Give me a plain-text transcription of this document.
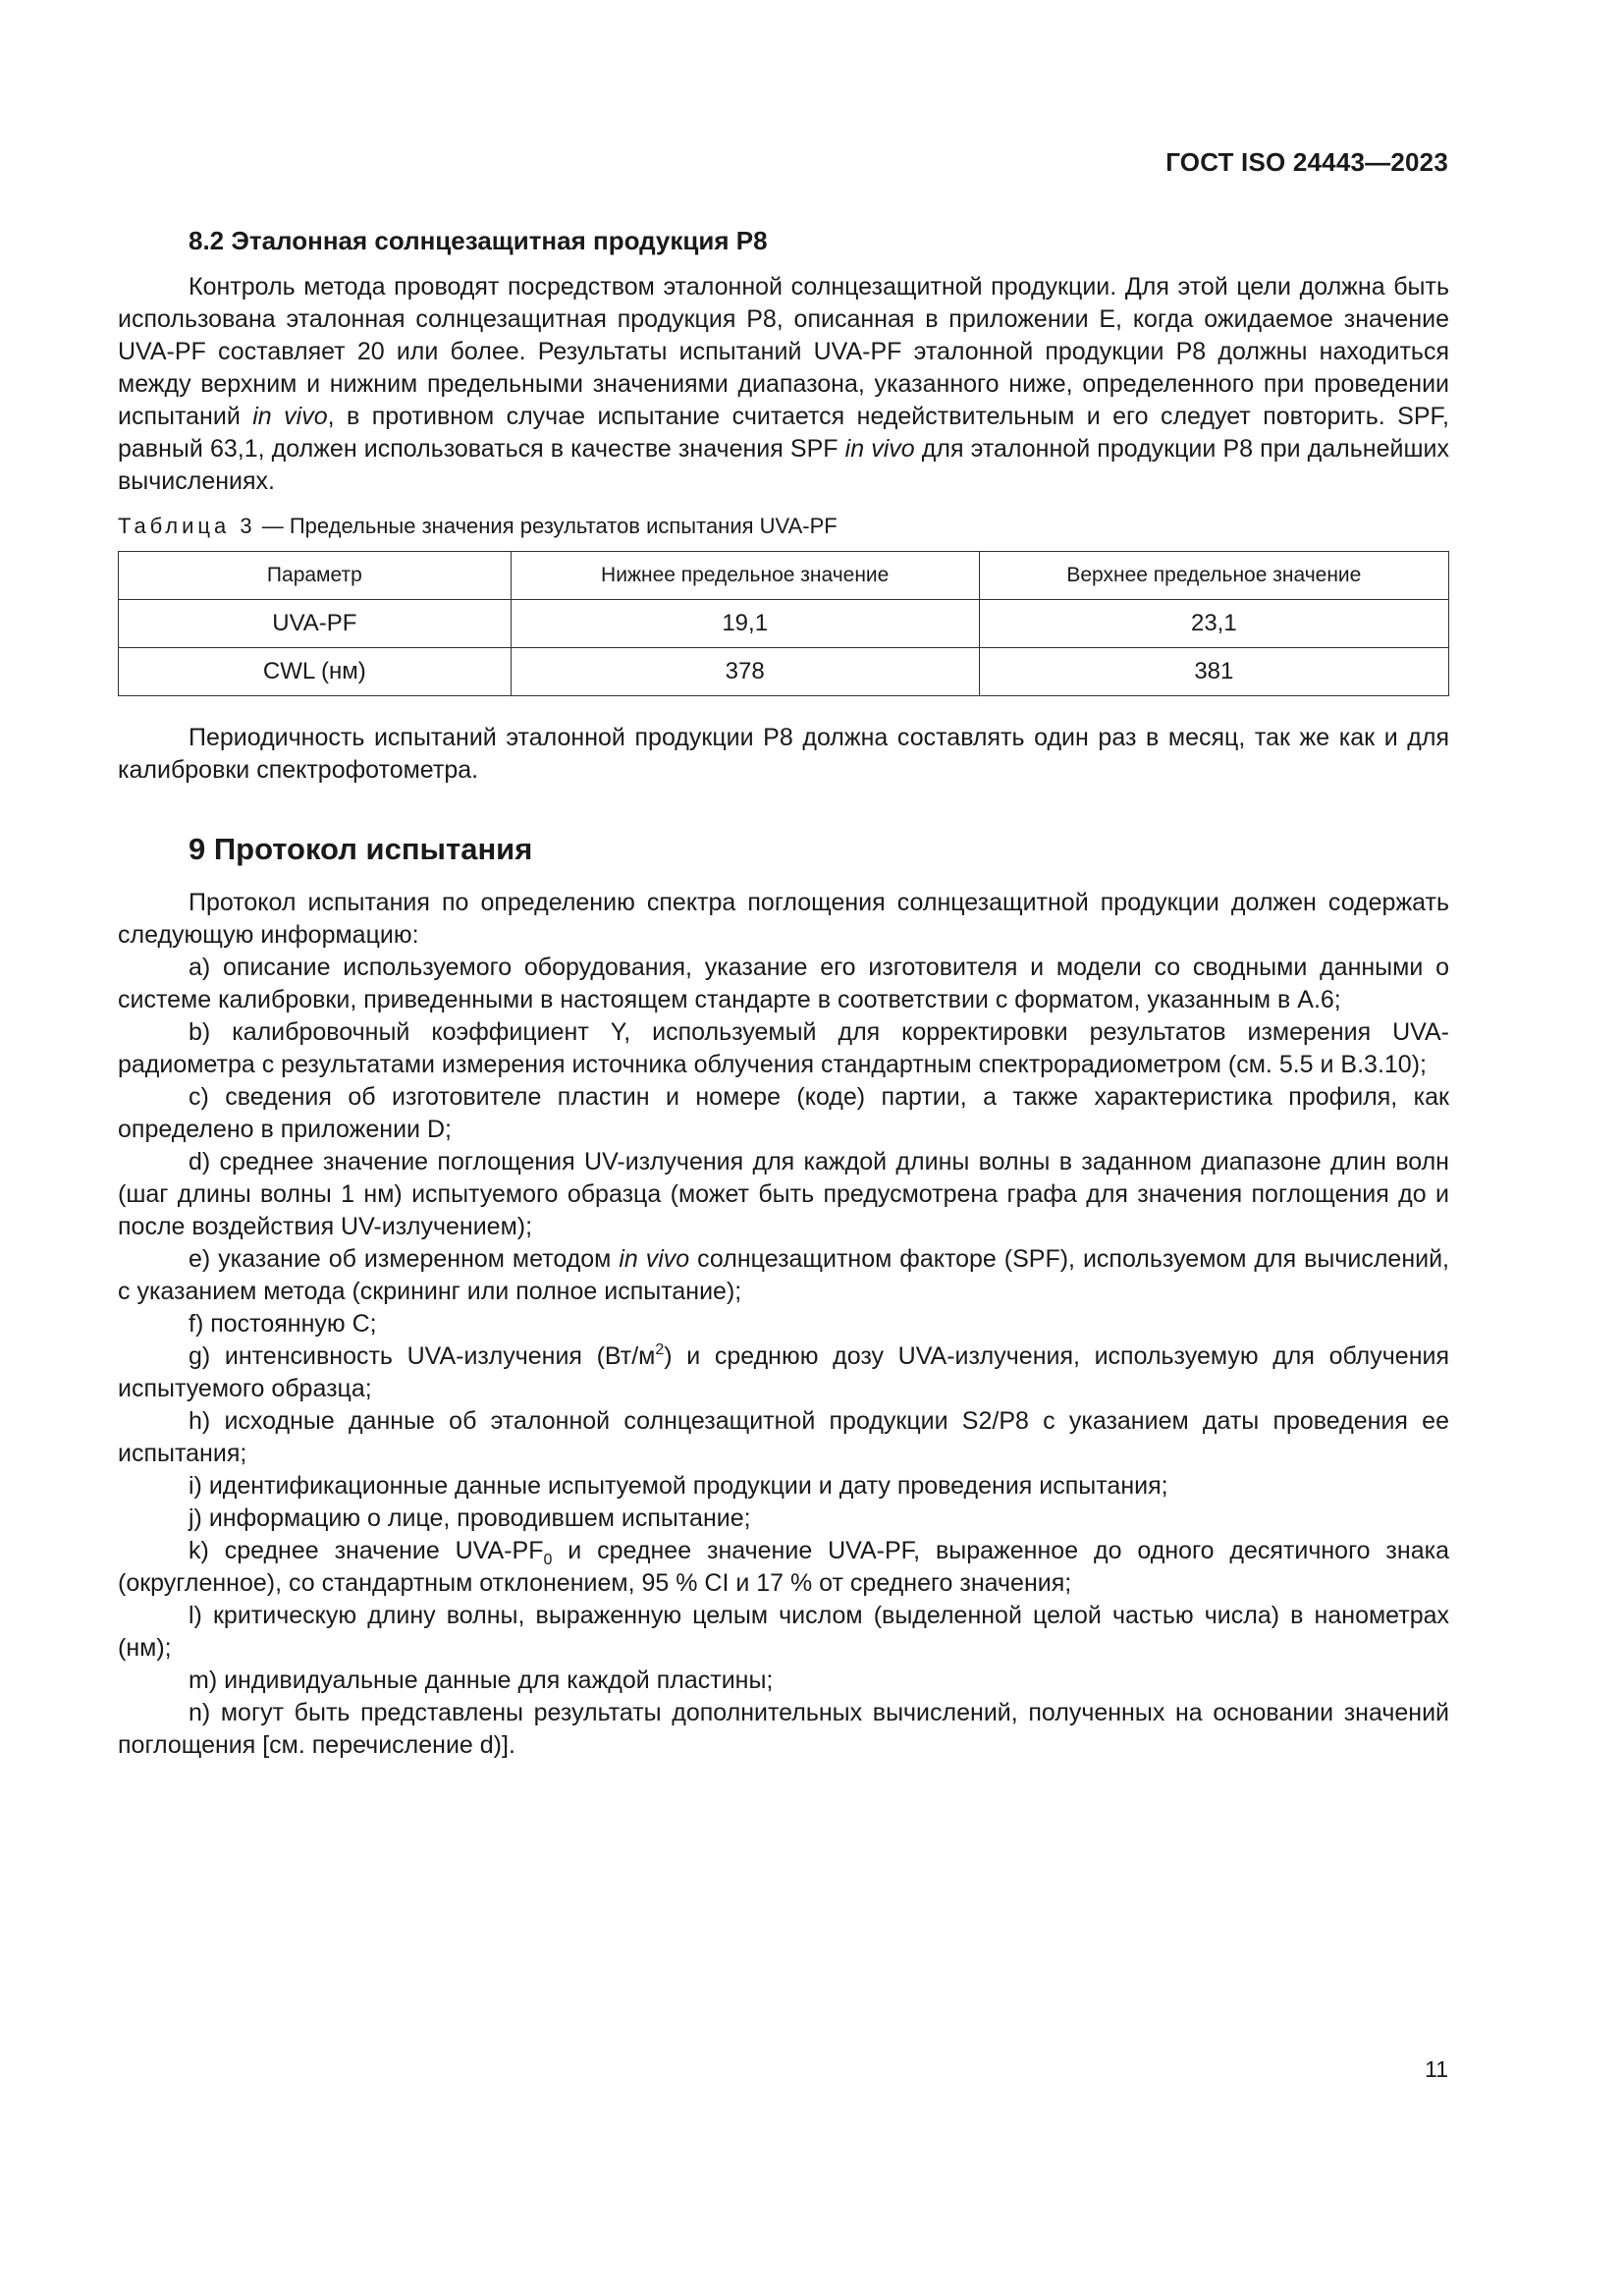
ГОСТ ISO 24443—2023
8.2 Эталонная солнцезащитная продукция P8

Контроль метода проводят посредством эталонной солнцезащитной продукции. Для этой цели должна быть использована эталонная солнцезащитная продукция P8, описанная в приложении Е, когда ожидаемое значение UVA-PF составляет 20 или более. Результаты испытаний UVA-PF эталонной продукции P8 должны находиться между верхним и нижним предельными значениями диапазона, указанного ниже, определенного при проведении испытаний in vivo, в противном случае испытание считается недействительным и его следует повторить. SPF, равный 63,1, должен использоваться в качестве значения SPF in vivo для эталонной продукции P8 при дальнейших вычислениях.

Таблица 3 — Предельные значения результатов испытания UVA-PF
Параметр	Нижнее предельное значение	Верхнее предельное значение
UVA-PF	19,1	23,1
CWL (нм)	378	381

Периодичность испытаний эталонной продукции P8 должна составлять один раз в месяц, так же как и для калибровки спектрофотометра.

9 Протокол испытания

Протокол испытания по определению спектра поглощения солнцезащитной продукции должен содержать следующую информацию:

a) описание используемого оборудования, указание его изготовителя и модели со сводными данными о системе калибровки, приведенными в настоящем стандарте в соответствии с форматом, указанным в А.6;

b) калибровочный коэффициент Y, используемый для корректировки результатов измерения UVA-радиометра с результатами измерения источника облучения стандартным спектрорадиометром (см. 5.5 и В.3.10);

c) сведения об изготовителе пластин и номере (коде) партии, а также характеристика профиля, как определено в приложении D;

d) среднее значение поглощения UV-излучения для каждой длины волны в заданном диапазоне длин волн (шаг длины волны 1 нм) испытуемого образца (может быть предусмотрена графа для значения поглощения до и после воздействия UV-излучением);

e) указание об измеренном методом in vivo солнцезащитном факторе (SPF), используемом для вычислений, с указанием метода (скрининг или полное испытание);

f) постоянную C;

g) интенсивность UVA-излучения $(Вт/м^2)$ и среднюю дозу UVA-излучения, используемую для облучения испытуемого образца;

h) исходные данные об эталонной солнцезащитной продукции S2/P8 с указанием даты проведения ее испытания;

i) идентификационные данные испытуемой продукции и дату проведения испытания;

j) информацию о лице, проводившем испытание;

k) среднее значение UVA-$PF_0$ и среднее значение UVA-PF, выраженное до одного десятичного знака (округленное), со стандартным отклонением, 95 % CI и 17 % от среднего значения;

l) критическую длину волны, выраженную целым числом (выделенной целой частью числа) в нанометрах (нм);

m) индивидуальные данные для каждой пластины;

n) могут быть представлены результаты дополнительных вычислений, полученных на основании значений поглощения [см. перечисление d)].

11
